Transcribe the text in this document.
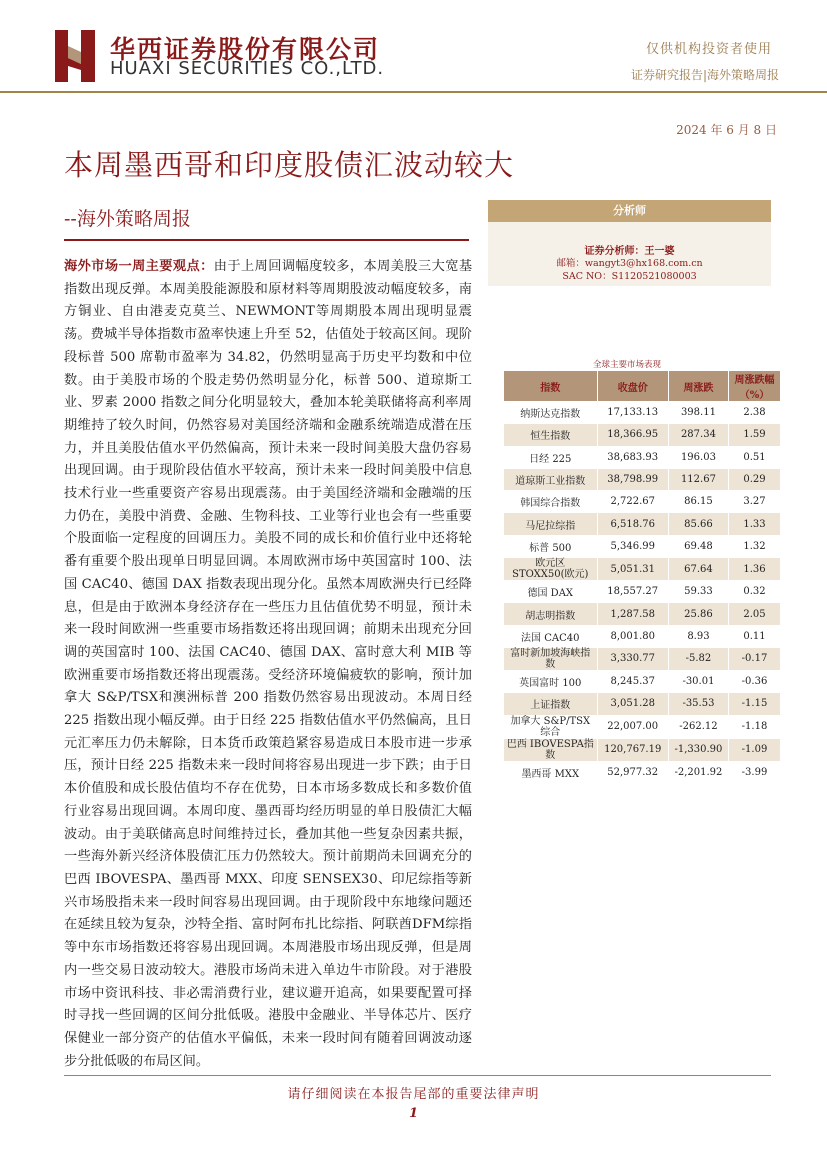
华西证券股份有限公司
HUAXI SECURITIES CO.,LTD.
仅供机构投资者使用
证券研究报告|海外策略周报
2024 年 6 月 8 日
本周墨西哥和印度股债汇波动较大
--海外策略周报
海外市场一周主要观点：由于上周回调幅度较多，本周美股三大宽基指数出现反弹。本周美股能源股和原材料等周期股波动幅度较多，南方铜业、自由港麦克莫兰、NEWMONT等周期股本周出现明显震荡。费城半导体指数市盈率快速上升至 52，估值处于较高区间。现阶段标普 500 席勒市盈率为 34.82，仍然明显高于历史平均数和中位数。由于美股市场的个股走势仍然明显分化，标普 500、道琼斯工业、罗素 2000 指数之间分化明显较大，叠加本轮美联储将高利率周期维持了较久时间，仍然容易对美国经济端和金融系统端造成潜在压力，并且美股估值水平仍然偏高，预计未来一段时间美股大盘仍容易出现回调。由于现阶段估值水平较高，预计未来一段时间美股中信息技术行业一些重要资产容易出现震荡。由于美国经济端和金融端的压力仍在，美股中消费、金融、生物科技、工业等行业也会有一些重要个股面临一定程度的回调压力。美股不同的成长和价值行业中还将轮番有重要个股出现单日明显回调。本周欧洲市场中英国富时 100、法国 CAC40、德国 DAX 指数表现出现分化。虽然本周欧洲央行已经降息，但是由于欧洲本身经济存在一些压力且估值优势不明显，预计未来一段时间欧洲一些重要市场指数还将出现回调；前期未出现充分回调的英国富时 100、法国 CAC40、德国 DAX、富时意大利 MIB 等欧洲重要市场指数还将出现震荡。受经济环境偏疲软的影响，预计加拿大 S&P/TSX和澳洲标普 200 指数仍然容易出现波动。本周日经 225 指数出现小幅反弹。由于日经 225 指数估值水平仍然偏高，且日元汇率压力仍未解除，日本货币政策趋紧容易造成日本股市进一步承压，预计日经 225 指数未来一段时间将容易出现进一步下跌；由于日本价值股和成长股估值均不存在优势，日本市场多数成长和多数价值行业容易出现回调。本周印度、墨西哥均经历明显的单日股债汇大幅波动。由于美联储高息时间维持过长，叠加其他一些复杂因素共振，一些海外新兴经济体股债汇压力仍然较大。预计前期尚未回调充分的巴西 IBOVESPA、墨西哥 MXX、印度 SENSEX30、印尼综指等新兴市场股指未来一段时间容易出现回调。由于现阶段中东地缘问题还在延续且较为复杂，沙特全指、富时阿布扎比综指、阿联酋DFM综指等中东市场指数还将容易出现回调。本周港股市场出现反弹，但是周内一些交易日波动较大。港股市场尚未进入单边牛市阶段。对于港股市场中资讯科技、非必需消费行业，建议避开追高，如果要配置可择时寻找一些回调的区间分批低吸。港股中金融业、半导体芯片、医疗保健业一部分资产的估值水平偏低，未来一段时间有随着回调波动逐步分批低吸的布局区间。
分析师
证券分析师：王一婆
邮箱：wangyt3@hx168.com.cn
SAC NO：S1120521080003
全球主要市场表现
指数	收盘价	周涨跌	周涨跌幅（%）
纳斯达克指数	17,133.13	398.11	2.38
恒生指数	18,366.95	287.34	1.59
日经 225	38,683.93	196.03	0.51
道琼斯工业指数	38,798.99	112.67	0.29
韩国综合指数	2,722.67	86.15	3.27
马尼拉综指	6,518.76	85.66	1.33
标普 500	5,346.99	69.48	1.32
欧元区STOXX50(欧元)	5,051.31	67.64	1.36
德国 DAX	18,557.27	59.33	0.32
胡志明指数	1,287.58	25.86	2.05
法国 CAC40	8,001.80	8.93	0.11
富时新加坡海峡指数	3,330.77	-5.82	-0.17
英国富时 100	8,245.37	-30.01	-0.36
上证指数	3,051.28	-35.53	-1.15
加拿大 S&P/TSX综合	22,007.00	-262.12	-1.18
巴西 IBOVESPA指数	120,767.19	-1,330.90	-1.09
墨西哥 MXX	52,977.32	-2,201.92	-3.99
请仔细阅读在本报告尾部的重要法律声明
1
